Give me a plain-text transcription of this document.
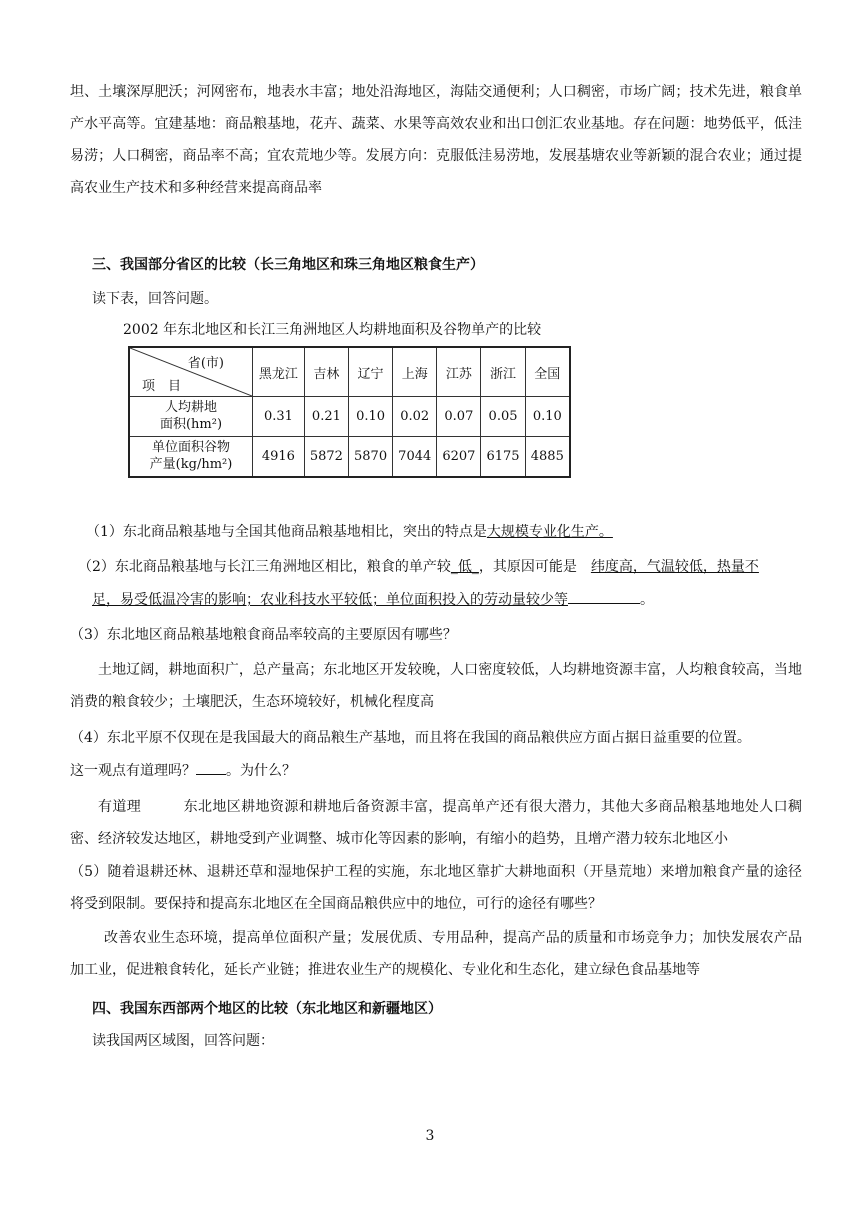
坦、土壤深厚肥沃；河网密布，地表水丰富；地处沿海地区，海陆交通便利；人口稠密，市场广阔；技术先进，粮食单产水平高等。宜建基地：商品粮基地，花卉、蔬菜、水果等高效农业和出口创汇农业基地。存在问题：地势低平，低洼易涝；人口稠密，商品率不高；宜农荒地少等。发展方向：克服低洼易涝地，发展基塘农业等新颖的混合农业；通过提高农业生产技术和多种经营来提高商品率

三、我国部分省区的比较（长三角地区和珠三角地区粮食生产）
读下表，回答问题。
2002 年东北地区和长江三角洲地区人均耕地面积及谷物单产的比较
省(市)
项　目	黑龙江	吉林	辽宁	上海	江苏	浙江	全国
人均耕地
面积(hm²)	0.31	0.21	0.10	0.02	0.07	0.05	0.10
单位面积谷物
产量(kg/hm²)	4916	5872	5870	7044	6207	6175	4885
（1）东北商品粮基地与全国其他商品粮基地相比，突出的特点是大规模专业化生产。
（2）东北商品粮基地与长江三角洲地区相比，粮食的单产较_低_，其原因可能是　纬度高，气温较低，热量不
足，易受低温冷害的影响；农业科技水平较低；单位面积投入的劳动量较少等	。
（3）东北地区商品粮基地粮食商品率较高的主要原因有哪些？

土地辽阔，耕地面积广，总产量高；东北地区开发较晚，人口密度较低，人均耕地资源丰富，人均粮食较高，当地消费的粮食较少；土壤肥沃，生态环境较好，机械化程度高

（4）东北平原不仅现在是我国最大的商品粮生产基地，而且将在我国的商品粮供应方面占据日益重要的位置。
这一观点有道理吗？ 。为什么？

有道理   	东北地区耕地资源和耕地后备资源丰富，提高单产还有很大潜力，其他大多商品粮基地地处人口稠密、经济较发达地区，耕地受到产业调整、城市化等因素的影响，有缩小的趋势，且增产潜力较东北地区小

（5）随着退耕还林、退耕还草和湿地保护工程的实施，东北地区靠扩大耕地面积（开垦荒地）来增加粮食产量的途径将受到限制。要保持和提高东北地区在全国商品粮供应中的地位，可行的途径有哪些？

改善农业生态环境，提高单位面积产量；发展优质、专用品种，提高产品的质量和市场竞争力；加快发展农产品加工业，促进粮食转化，延长产业链；推进农业生产的规模化、专业化和生态化，建立绿色食品基地等

四、我国东西部两个地区的比较（东北地区和新疆地区）
读我国两区域图，回答问题：
3
